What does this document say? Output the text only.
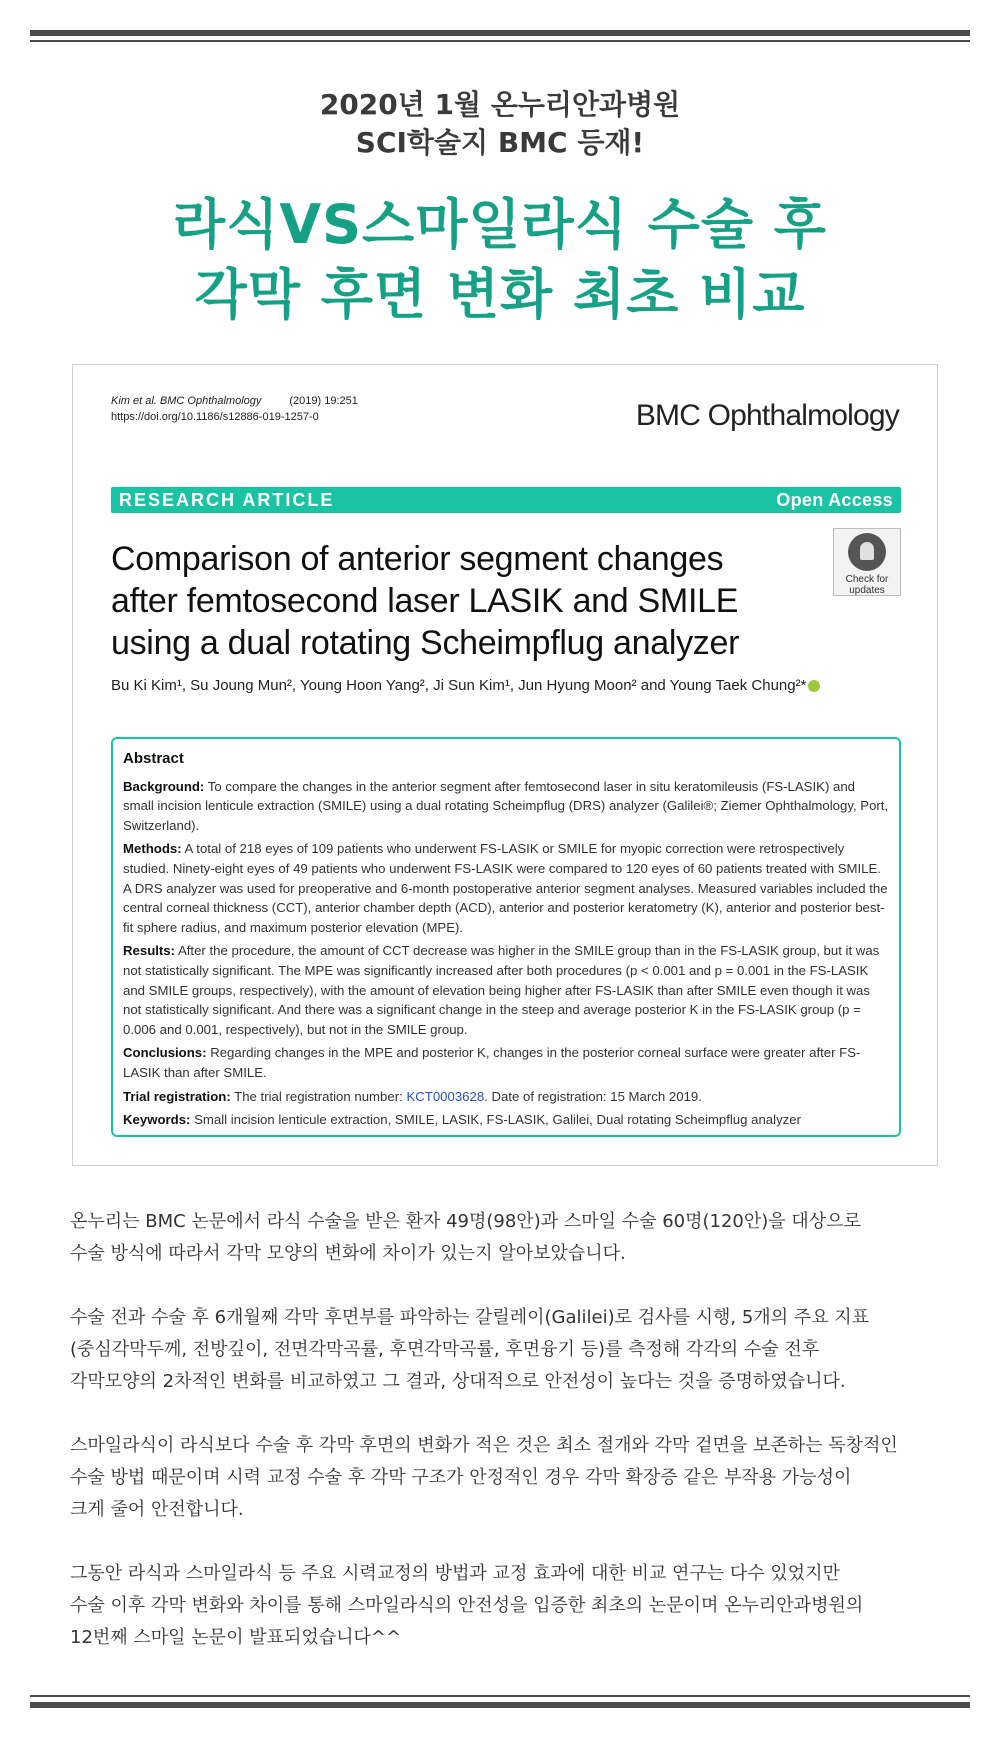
2020년 1월 온누리안과병원
SCI학술지 BMC 등재!
라식VS스마일라식 수술 후
각막 후면 변화 최초 비교
Kim et al. BMC Ophthalmology	(2019) 19:251
https://doi.org/10.1186/s12886-019-1257-0	BMC Ophthalmology
RESEARCH ARTICLE	Open Access
Check for
updates
Comparison of anterior segment changes
after femtosecond laser LASIK and SMILE
using a dual rotating Scheimpflug analyzer
Bu Ki Kim¹, Su Joung Mun², Young Hoon Yang², Ji Sun Kim¹, Jun Hyung Moon² and Young Taek Chung²*
Abstract

Background: To compare the changes in the anterior segment after femtosecond laser in situ keratomileusis (FS-LASIK) and small incision lenticule extraction (SMILE) using a dual rotating Scheimpflug (DRS) analyzer (Galilei®; Ziemer Ophthalmology, Port, Switzerland).

Methods: A total of 218 eyes of 109 patients who underwent FS-LASIK or SMILE for myopic correction were retrospectively studied. Ninety-eight eyes of 49 patients who underwent FS-LASIK were compared to 120 eyes of 60 patients treated with SMILE. A DRS analyzer was used for preoperative and 6-month postoperative anterior segment analyses. Measured variables included the central corneal thickness (CCT), anterior chamber depth (ACD), anterior and posterior keratometry (K), anterior and posterior best-fit sphere radius, and maximum posterior elevation (MPE).

Results: After the procedure, the amount of CCT decrease was higher in the SMILE group than in the FS-LASIK group, but it was not statistically significant. The MPE was significantly increased after both procedures (p < 0.001 and p = 0.001 in the FS-LASIK and SMILE groups, respectively), with the amount of elevation being higher after FS-LASIK than after SMILE even though it was not statistically significant. And there was a significant change in the steep and average posterior K in the FS-LASIK group (p = 0.006 and 0.001, respectively), but not in the SMILE group.

Conclusions: Regarding changes in the MPE and posterior K, changes in the posterior corneal surface were greater after FS-LASIK than after SMILE.

Trial registration: The trial registration number: KCT0003628. Date of registration: 15 March 2019.

Keywords: Small incision lenticule extraction, SMILE, LASIK, FS-LASIK, Galilei, Dual rotating Scheimpflug analyzer

온누리는 BMC 논문에서 라식 수술을 받은 환자 49명(98안)과 스마일 수술 60명(120안)을 대상으로
수술 방식에 따라서 각막 모양의 변화에 차이가 있는지 알아보았습니다.

수술 전과 수술 후 6개월째 각막 후면부를 파악하는 갈릴레이(Galilei)로 검사를 시행, 5개의 주요 지표
(중심각막두께, 전방깊이, 전면각막곡률, 후면각막곡률, 후면융기 등)를 측정해 각각의 수술 전후
각막모양의 2차적인 변화를 비교하였고 그 결과, 상대적으로 안전성이 높다는 것을 증명하였습니다.

스마일라식이 라식보다 수술 후 각막 후면의 변화가 적은 것은 최소 절개와 각막 겉면을 보존하는 독창적인
수술 방법 때문이며 시력 교정 수술 후 각막 구조가 안정적인 경우 각막 확장증 같은 부작용 가능성이
크게 줄어 안전합니다.

그동안 라식과 스마일라식 등 주요 시력교정의 방법과 교정 효과에 대한 비교 연구는 다수 있었지만
수술 이후 각막 변화와 차이를 통해 스마일라식의 안전성을 입증한 최초의 논문이며 온누리안과병원의
12번째 스마일 논문이 발표되었습니다^^
